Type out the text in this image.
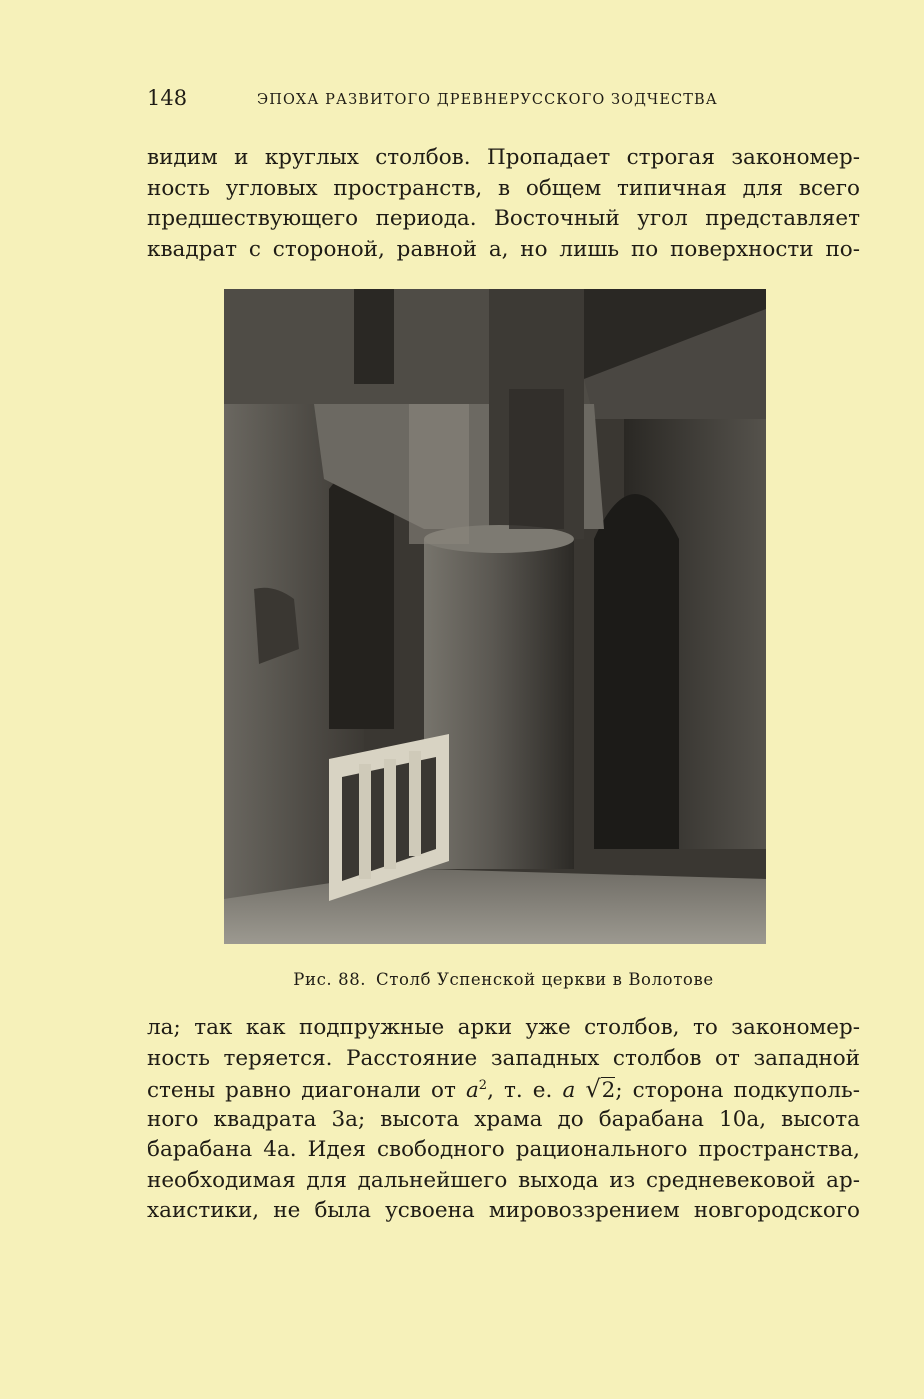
148	ЭПОХА РАЗВИТОГО ДРЕВНЕРУССКОГО ЗОДЧЕСТВА
видим и круглых столбов. Пропадает строгая закономер-
ность угловых пространств, в общем типичная для всего
предшествующего периода. Восточный угол представляет
квадрат с стороной, равной а, но лишь по поверхности по-
Рис. 88. Столб Успенской церкви в Волотове
ла; так как подпружные арки уже столбов, то закономер-
ность теряется. Расстояние западных столбов от западной
стены равно диагонали от $a^2$, т. е. a √2; сторона подкуполь-
ного квадрата 3а; высота храма до барабана 10а, высота
барабана 4а. Идея свободного рационального пространства,
необходимая для дальнейшего выхода из средневековой ар-
хаистики, не была усвоена мировоззрением новгородского
